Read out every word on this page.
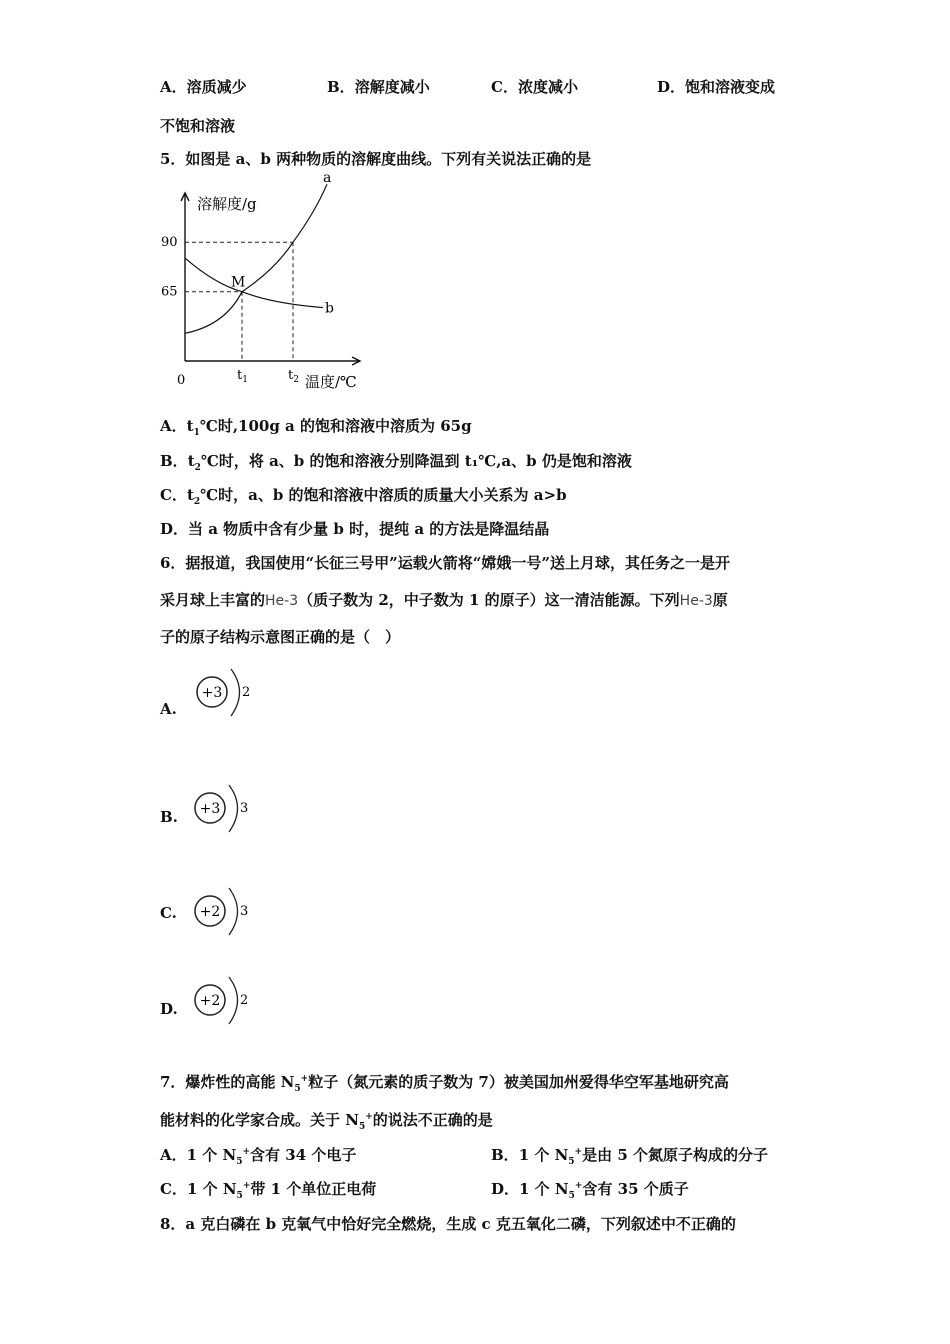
A．溶质减少	B．溶解度减小	C．浓度减小	D．饱和溶液变成
不饱和溶液
5．如图是 a、b 两种物质的溶解度曲线。下列有关说法正确的是
溶解度/g
温度/℃
0
90
65
$t_1$	$t_2$
a
b
M
A．$t_1℃$时,100g a 的饱和溶液中溶质为 65g
B．$t_2℃$时，将 a、b 的饱和溶液分别降温到 t₁℃,a、b 仍是饱和溶液
C．$t_2℃$时，a、b 的饱和溶液中溶质的质量大小关系为 a>b
D．当 a 物质中含有少量 b 时，提纯 a 的方法是降温结晶
6．据报道，我国使用“长征三号甲”运载火箭将“嫦娥一号”送上月球，其任务之一是开
采月球上丰富的He-3（质子数为 2，中子数为 1 的原子）这一清洁能源。下列He-3原
子的原子结构示意图正确的是（　）
A.
+3 2
B. +3 3
C. +2 3
D. +2 2
7．爆炸性的高能 $N_5^+$粒子（氮元素的质子数为 7）被美国加州爱得华空军基地研究高
能材料的化学家合成。关于 $N_5^+$的说法不正确的是
A．1 个 $N_5^+$含有 34 个电子	B．1 个 $N_5^+$是由 5 个氮原子构成的分子
C．1 个 $N_5^+$带 1 个单位正电荷	D．1 个 $N_5^+$含有 35 个质子
8．a 克白磷在 b 克氧气中恰好完全燃烧，生成 c 克五氧化二磷，下列叙述中不正确的
